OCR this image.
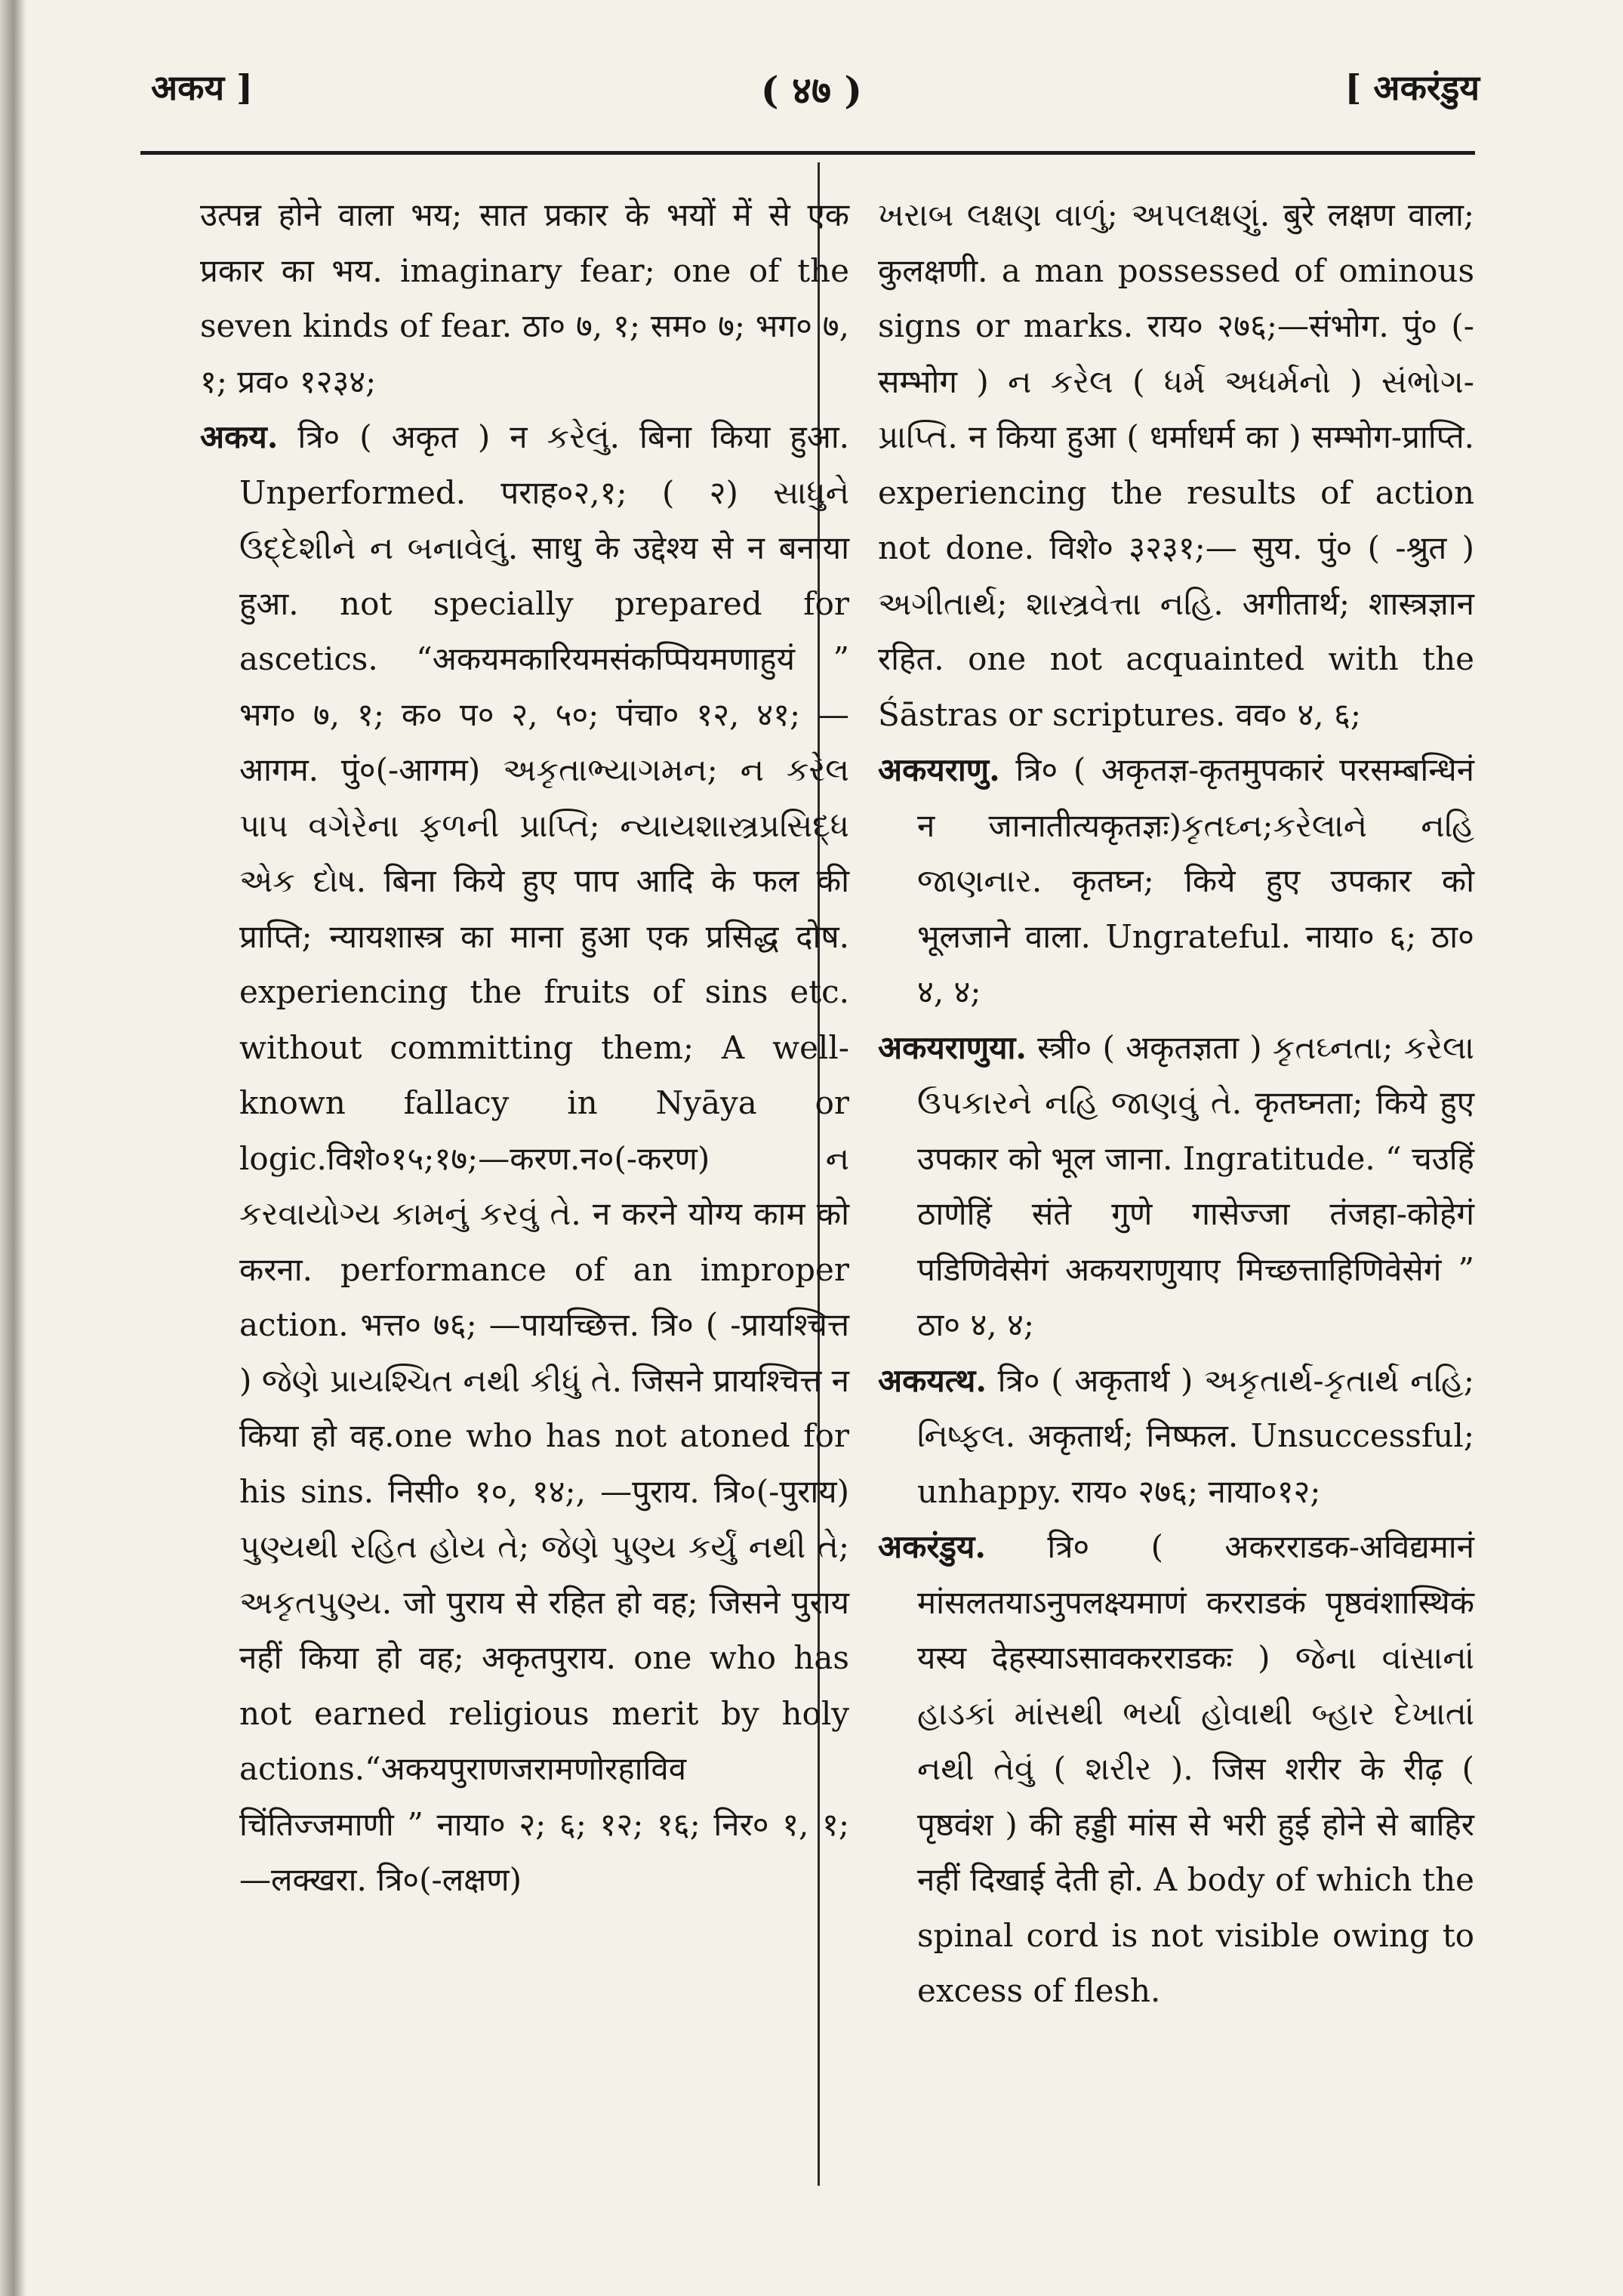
अकय ]	( ४७ )	[ अकरंडुय

उत्पन्न होने वाला भय; सात प्रकार के भयों में से एक प्रकार का भय. imaginary fear; one of the seven kinds of fear. ठा० ७, १; सम० ७; भग० ७, १; प्रव० १२३४;

अकय. त्रि० ( अकृत ) न કરેલું. बिना किया हुआ. Unperformed. पराह०२,१; ( २) સાધુને ઉદ્દેશીને ન બનાવેલું. साधु के उद्देश्य से न बनाया हुआ. not specially prepared for ascetics. “अकयमकारियमसंकप्पियमणाहुयं ” भग० ७, १; क० प० २, ५०; पंचा० १२, ४१; —आगम. पुं०(-आगम) અકૃતાભ્યાગમન; ન કરેલ પાપ વગેરેના ફળની પ્રાપ્તિ; ન્યાયશાસ્ત્રપ્રસિદ્ધ એક દોષ. बिना किये हुए पाप आदि के फल की प्राप्ति; न्यायशास्त्र का माना हुआ एक प्रसिद्ध दोष. experiencing the fruits of sins etc. without committing them; A well-known fallacy in Nyāya or logic.विशे०१५;१७;—करण.न०(-करण) ન કરવાયોગ્ય કામનું કરવું તે. न करने योग्य काम को करना. performance of an improper action. भत्त० ७६; —पायच्छित्त. त्रि० ( -प्रायश्चित्त ) જેણે પ્રાયશ્ચિત નથી કીધું તે. जिसने प्रायश्चित्त न किया हो वह.one who has not atoned for his sins. निसी० १०, १४;, —पुराय. त्रि०(-पुराय) પુણ્યથી રહિત હોય તે; જેણે પુણ્ય કર્યું નથી તે; અકૃતપુણ્ય. जो पुराय से रहित हो वह; जिसने पुराय नहीं किया हो वह; अकृतपुराय. one who has not earned religious merit by holy actions.“अकयपुराणजरामणोरहाविव चिंतिज्जमाणी ” नाया० २; ६; १२; १६; निर० १, १;—लक्खरा. त्रि०(-लक्षण)

ખરાબ લક્ષણ વાળું; અપલક્ષણું. बुरे लक्षण वाला; कुलक्षणी. a man possessed of ominous signs or marks. राय० २७६;—संभोग. पुं० (-सम्भोग ) ન કરેલ ( ધર્મ અધર્મનો ) સંભોગ-પ્રાપ્તિ. न किया हुआ ( धर्माधर्म का ) सम्भोग-प्राप्ति. experiencing the results of action not done. विशे० ३२३१;— सुय. पुं० ( -श्रुत ) અગીતાર્થ; શાસ્ત્રવેત્તા નહિ. अगीतार्थ; शास्त्रज्ञान रहित. one not acquainted with the Śāstras or scriptures. वव० ४, ६;

अकयराणु. त्रि० ( अकृतज्ञ-कृतमुपकारं परसम्बन्धिनं न जानातीत्यकृतज्ञः)કૃતઘ્ન;કરેલાને નહિ જાણનાર. कृतघ्न; किये हुए उपकार को भूलजाने वाला. Ungrateful. नाया० ६; ठा० ४, ४;

अकयराणुया. स्त्री० ( अकृतज्ञता ) કૃતઘ્નતા; કરેલા ઉપકારને નહિ જાણવું તે. कृतघ्नता; किये हुए उपकार को भूल जाना. Ingratitude. “ चउहिं ठाणेहिं संते गुणे गासेज्जा तंजहा-कोहेगं पडिणिवेसेगं अकयराणुयाए मिच्छत्ताहिणिवेसेगं ” ठा० ४, ४;

अकयत्थ. त्रि० ( अकृतार्थ ) અકૃતાર્થ-કૃતાર્થ નહિ; નિષ્ફલ. अकृतार्थ; निष्फल. Unsuccessful; unhappy. राय० २७६; नाया०१२;

अकरंडुय. त्रि० ( अकरराडक-अविद्यमानं मांसलतयाऽनुपलक्ष्यमाणं करराडकं पृष्ठवंशास्थिकं यस्य देहस्याऽसावकरराडकः ) જેના વાંસાનાં હાડકાં માંસથી ભર્યા હોવાથી બ્હાર દેખાતાં નથી તેવું ( શરીર ). जिस शरीर के रीढ़ ( पृष्ठवंश ) की हड्डी मांस से भरी हुई होने से बाहिर नहीं दिखाई देती हो. A body of which the spinal cord is not visible owing to excess of flesh.
